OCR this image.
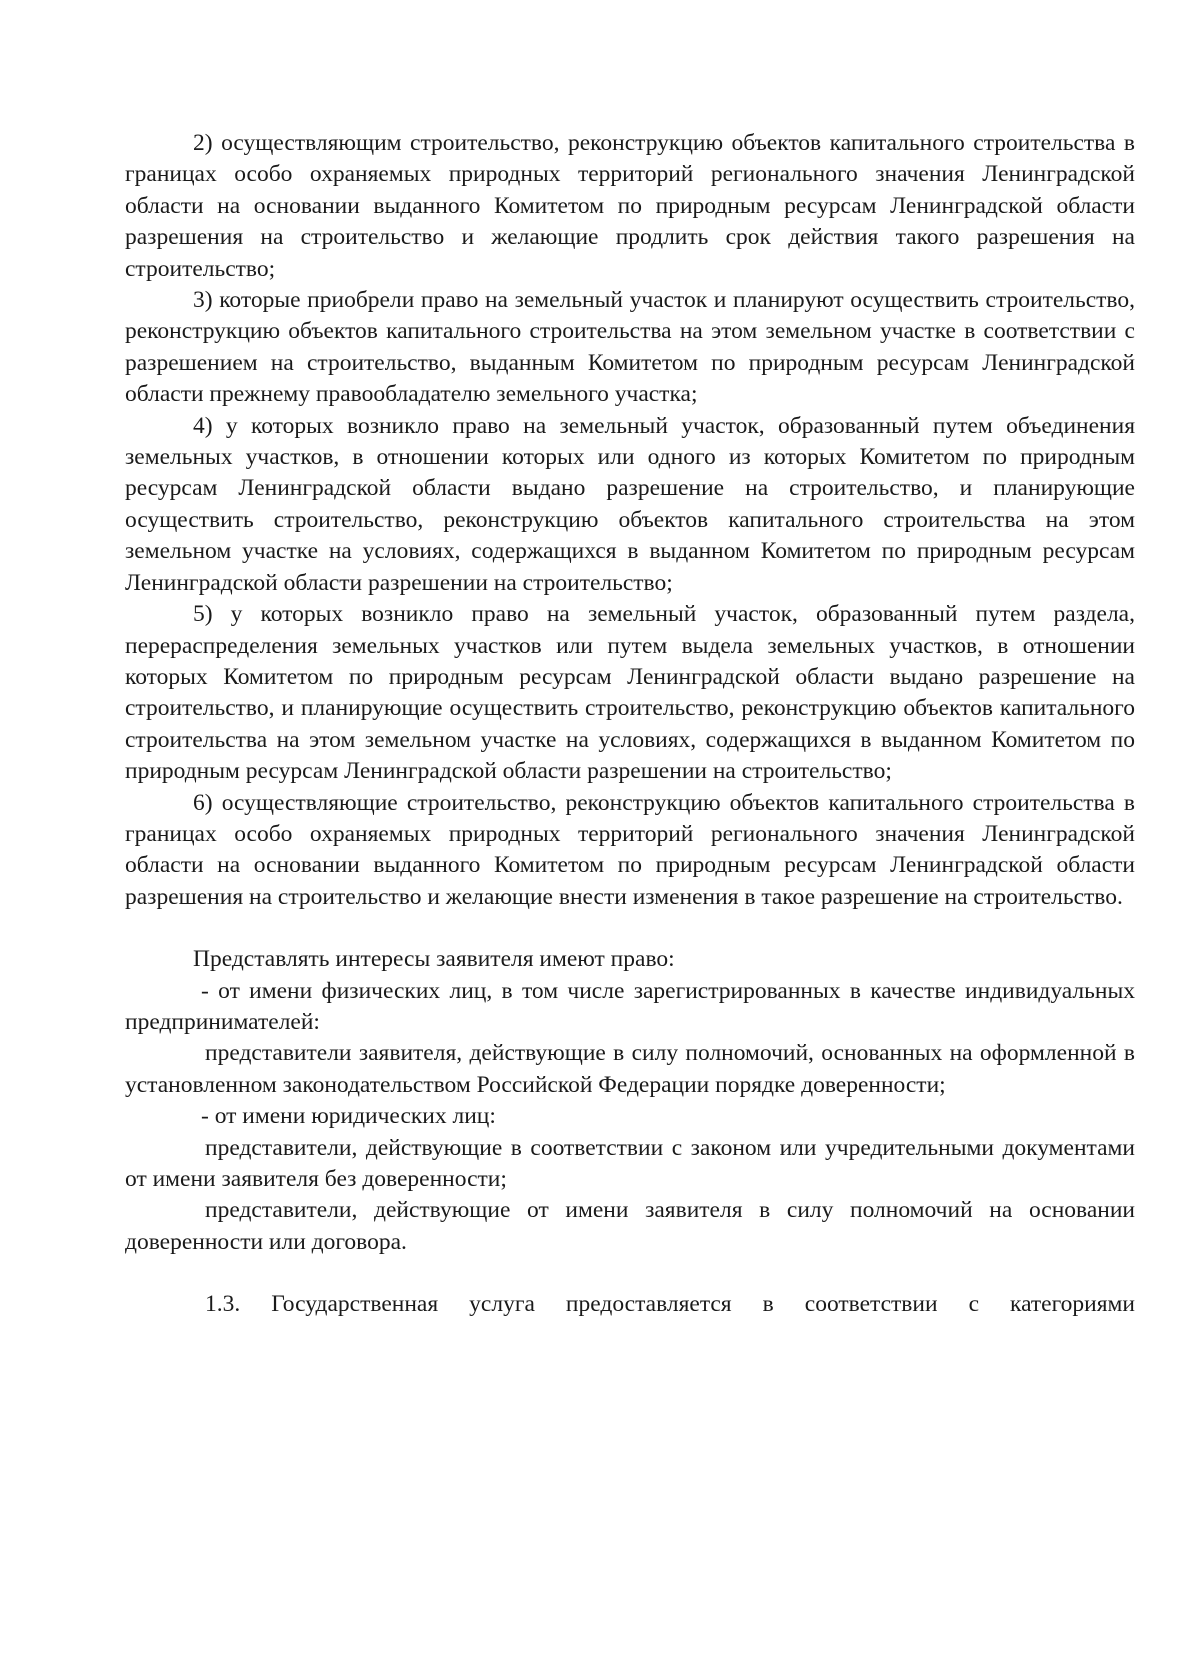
2) осуществляющим строительство, реконструкцию объектов капитального строительства в границах особо охраняемых природных территорий регионального значения Ленинградской области на основании выданного Комитетом по природным ресурсам Ленинградской области разрешения на строительство и желающие продлить срок действия такого разрешения на строительство;

3) которые приобрели право на земельный участок и планируют осуществить строительство, реконструкцию объектов капитального строительства на этом земельном участке в соответствии с разрешением на строительство, выданным Комитетом по природным ресурсам Ленинградской области прежнему правообладателю земельного участка;

4) у которых возникло право на земельный участок, образованный путем объединения земельных участков, в отношении которых или одного из которых Комитетом по природным ресурсам Ленинградской области выдано разрешение на строительство, и планирующие осуществить строительство, реконструкцию объектов капитального строительства на этом земельном участке на условиях, содержащихся в выданном Комитетом по природным ресурсам Ленинградской области разрешении на строительство;

5) у которых возникло право на земельный участок, образованный путем раздела, перераспределения земельных участков или путем выдела земельных участков, в отношении которых Комитетом по природным ресурсам Ленинградской области выдано разрешение на строительство, и планирующие осуществить строительство, реконструкцию объектов капитального строительства на этом земельном участке на условиях, содержащихся в выданном Комитетом по природным ресурсам Ленинградской области разрешении на строительство;

6) осуществляющие строительство, реконструкцию объектов капитального строительства в границах особо охраняемых природных территорий регионального значения Ленинградской области на основании выданного Комитетом по природным ресурсам Ленинградской области разрешения на строительство и желающие внести изменения в такое разрешение на строительство.

Представлять интересы заявителя имеют право:

- от имени физических лиц, в том числе зарегистрированных в качестве индивидуальных предпринимателей:

представители заявителя, действующие в силу полномочий, основанных на оформленной в установленном законодательством Российской Федерации порядке доверенности;

- от имени юридических лиц:

представители, действующие в соответствии с законом или учредительными документами от имени заявителя без доверенности;

представители, действующие от имени заявителя в силу полномочий на основании доверенности или договора.

1.3. Государственная услуга предоставляется в соответствии с категориями
